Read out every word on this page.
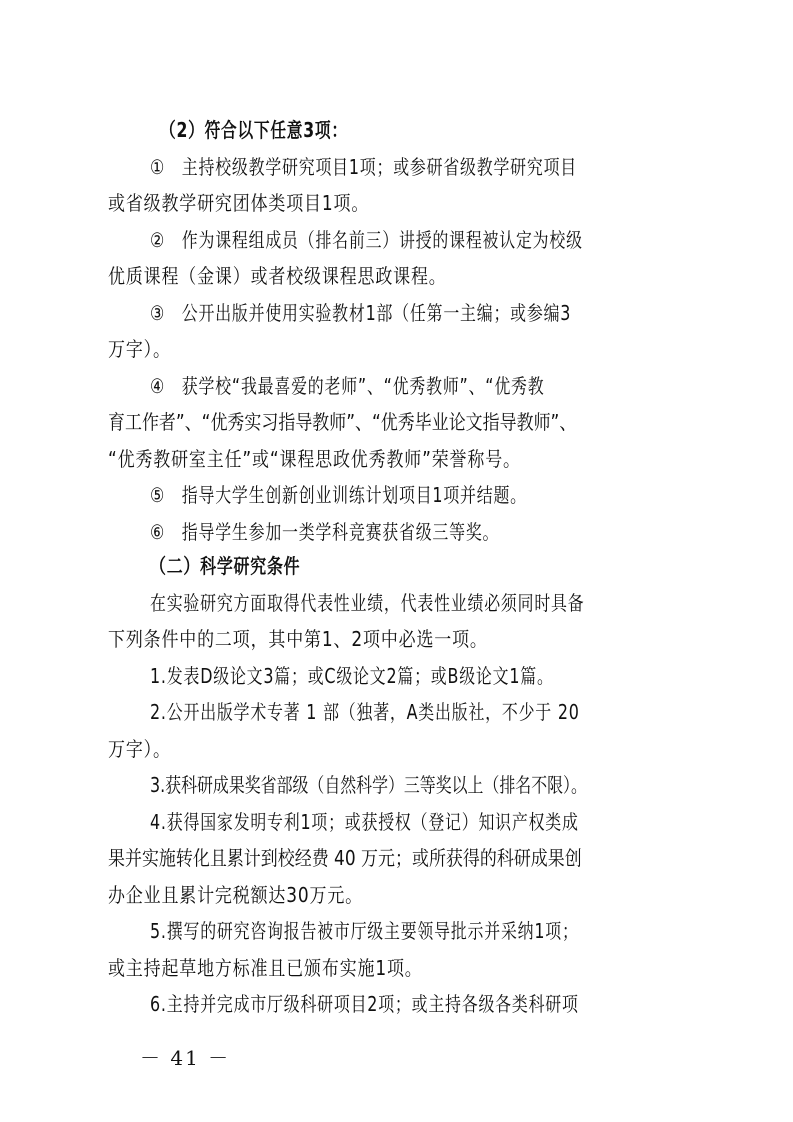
（2）符合以下任意3项：
①　主持校级教学研究项目1项；或参研省级教学研究项目
或省级教学研究团体类项目1项。
②　作为课程组成员（排名前三）讲授的课程被认定为校级
优质课程（金课）或者校级课程思政课程。
③　公开出版并使用实验教材1部（任第一主编；或参编3
万字）。
④　获学校“我最喜爱的老师”、“优秀教师”、“优秀教
育工作者”、“优秀实习指导教师”、“优秀毕业论文指导教师”、
“优秀教研室主任”或“课程思政优秀教师”荣誉称号。
⑤　指导大学生创新创业训练计划项目1项并结题。
⑥　指导学生参加一类学科竞赛获省级三等奖。
（二）科学研究条件
在实验研究方面取得代表性业绩，代表性业绩必须同时具备
下列条件中的二项，其中第1、2项中必选一项。
1.发表D级论文3篇；或C级论文2篇；或B级论文1篇。
2.公开出版学术专著 1 部（独著，A类出版社，不少于 20
万字）。
3.获科研成果奖省部级（自然科学）三等奖以上（排名不限）。
4.获得国家发明专利1项；或获授权（登记）知识产权类成
果并实施转化且累计到校经费 40 万元；或所获得的科研成果创
办企业且累计完税额达30万元。
5.撰写的研究咨询报告被市厅级主要领导批示并采纳1项；
或主持起草地方标准且已颁布实施1项。
6.主持并完成市厅级科研项目2项；或主持各级各类科研项
－ 41 －
